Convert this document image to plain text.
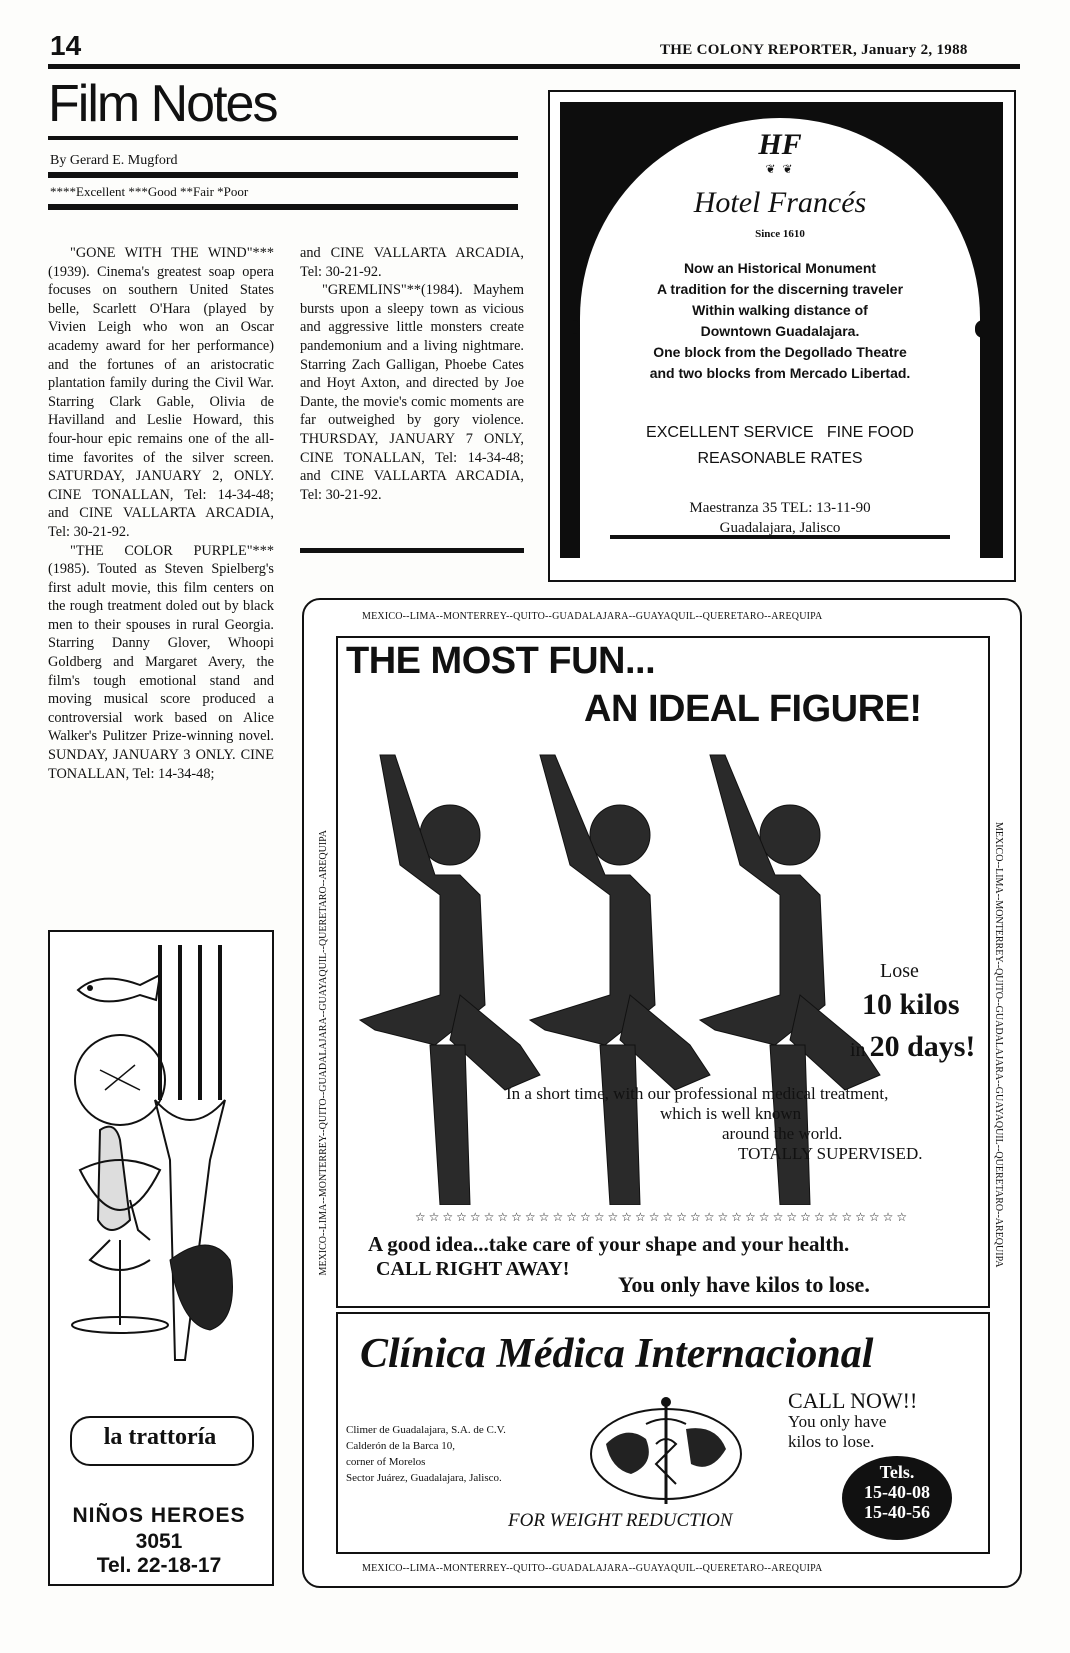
14	THE COLONY REPORTER, January 2, 1988
Film Notes
By Gerard E. Mugford
****Excellent ***Good **Fair *Poor

"GONE WITH THE WIND"***(1939). Cinema's greatest soap opera focuses on southern United States belle, Scarlett O'Hara (played by Vivien Leigh who won an Oscar academy award for her performance) and the fortunes of an aristocratic plantation family during the Civil War. Starring Clark Gable, Olivia de Havilland and Leslie Howard, this four-hour epic remains one of the all-time favorites of the silver screen. SATURDAY, JANUARY 2, ONLY. CINE TONALLAN, Tel: 14-34-48; and CINE VALLARTA ARCADIA, Tel: 30-21-92.

"THE COLOR PURPLE"*** (1985). Touted as Steven Spielberg's first adult movie, this film centers on the rough treatment doled out by black men to their spouses in rural Georgia. Starring Danny Glover, Whoopi Goldberg and Margaret Avery, the film's tough emotional stand and moving musical score produced a controversial work based on Alice Walker's Pulitzer Prize-winning novel. SUNDAY, JANUARY 3 ONLY. CINE TONALLAN, Tel: 14-34-48;

and CINE VALLARTA ARCADIA, Tel: 30-21-92.

"GREMLINS"**(1984). Mayhem bursts upon a sleepy town as vicious and aggressive little monsters create pandemonium and a living nightmare. Starring Zach Galligan, Phoebe Cates and Hoyt Axton, and directed by Joe Dante, the movie's comic moments are far outweighed by gory violence. THURSDAY, JANUARY 7 ONLY, CINE TONALLAN, Tel: 14-34-48; and CINE VALLARTA ARCADIA, Tel: 30-21-92.

HF
❦ ❦
Hotel Francés
Since 1610
Now an Historical Monument
A tradition for the discerning traveler
Within walking distance of
Downtown Guadalajara.
One block from the Degollado Theatre
and two blocks from Mercado Libertad.
EXCELLENT SERVICE   FINE FOOD
REASONABLE RATES
Maestranza 35 TEL: 13-11-90
Guadalajara, Jalisco
la trattoría
NIÑOS HEROES
3051
Tel. 22-18-17
MEXICO--LIMA--MONTERREY--QUITO--GUADALAJARA--GUAYAQUIL--QUERETARO--AREQUIPA
MEXICO--LIMA--MONTERREY--QUITO--GUADALAJARA--GUAYAQUIL--QUERETARO--AREQUIPA
MEXICO--LIMA--MONTERREY--QUITO--GUADALAJARA--GUAYAQUIL--QUERETARO--AREQUIPA	MEXICO--LIMA--MONTERREY--QUITO--GUADALAJARA--GUAYAQUIL--QUERETARO--AREQUIPA
THE MOST FUN...
AN IDEAL FIGURE!
Lose
10 kilos
in 20 days!
In a short time, with our professional medical treatment,
which is well known
around the world.
TOTALLY SUPERVISED.
☆ ☆ ☆ ☆ ☆ ☆ ☆ ☆ ☆ ☆ ☆ ☆ ☆ ☆ ☆ ☆ ☆ ☆ ☆ ☆ ☆ ☆ ☆ ☆ ☆ ☆ ☆ ☆ ☆ ☆ ☆ ☆ ☆ ☆ ☆ ☆
A good idea...take care of your shape and your health.
CALL RIGHT AWAY!
You only have kilos to lose.
Clínica Médica Internacional
Climer de Guadalajara, S.A. de C.V.
Calderón de la Barca 10,
corner of Morelos
Sector Juárez, Guadalajara, Jalisco.
CALL NOW!!
You only have
kilos to lose.
Tels.
15-40-08
15-40-56
FOR WEIGHT REDUCTION
